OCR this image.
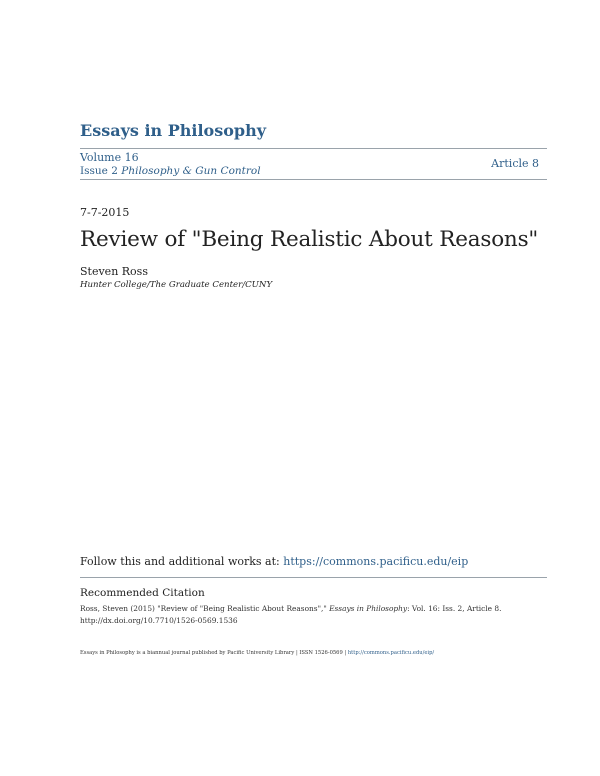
Essays in Philosophy
Volume 16
Issue 2 Philosophy & Gun Control
Article 8
7-7-2015
Review of "Being Realistic About Reasons"
Steven Ross
Hunter College/The Graduate Center/CUNY
Follow this and additional works at: https://commons.pacificu.edu/eip
Recommended Citation
Ross, Steven (2015) "Review of "Being Realistic About Reasons"," Essays in Philosophy: Vol. 16: Iss. 2, Article 8. http://dx.doi.org/10.7710/1526-0569.1536
Essays in Philosophy is a biannual journal published by Pacific University Library | ISSN 1526-0569 | http://commons.pacificu.edu/eip/
